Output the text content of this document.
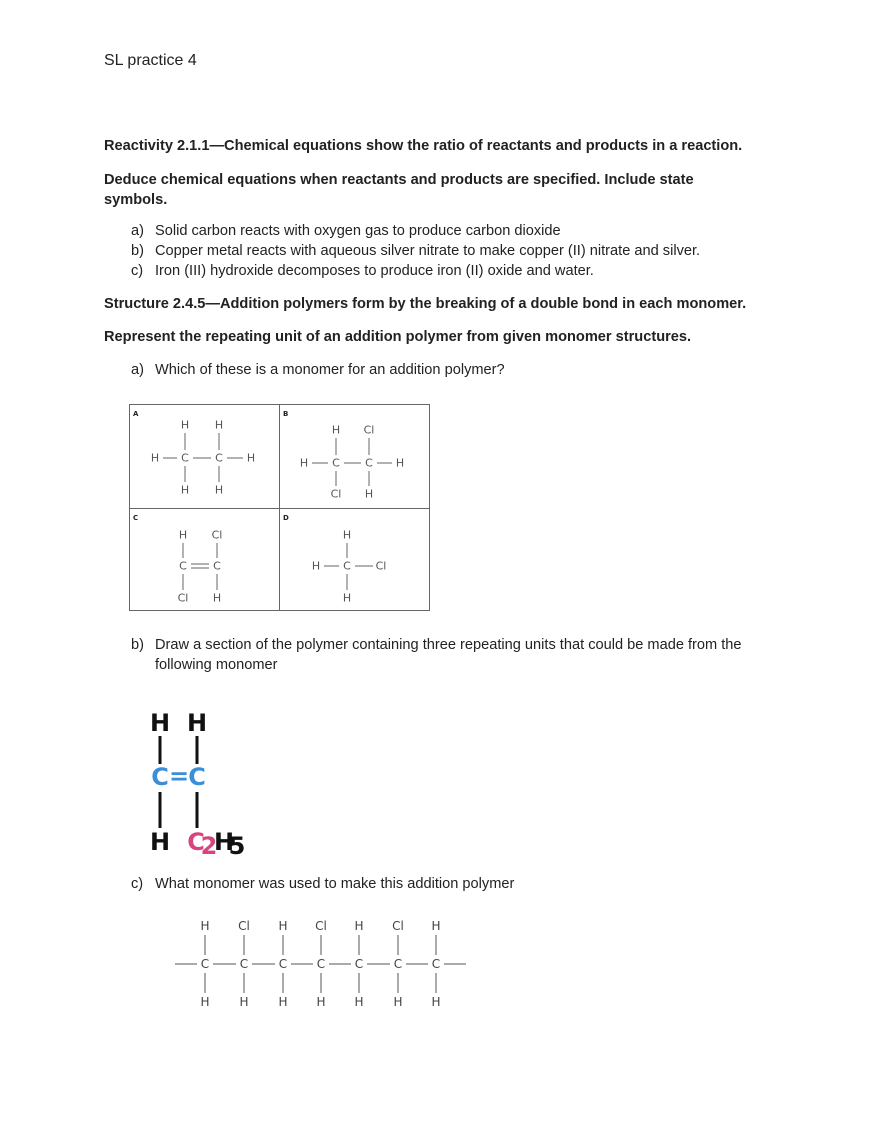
SL practice 4
Reactivity 2.1.1—Chemical equations show the ratio of reactants and products in a reaction.
Deduce chemical equations when reactants and products are specified. Include state
symbols.
a) Solid carbon reacts with oxygen gas to produce carbon dioxide
b) Copper metal reacts with aqueous silver nitrate to make copper (II) nitrate and silver.
c) Iron (III) hydroxide decomposes to produce iron (II) oxide and water.
Structure 2.4.5—Addition polymers form by the breaking of a double bond in each monomer.
Represent the repeating unit of an addition polymer from given monomer structures.
a) Which of these is a monomer for an addition polymer?
b) Draw a section of the polymer containing three repeating units that could be made from the
following monomer
c) What monomer was used to make this addition polymer
A
H H
H C C H
H H
B
H Cl
H C C H
Cl H
C
H Cl
C C
Cl H
D
H
H C Cl
H
H H
C = C
H C
2
H
5
H
C
H
Cl
C
H
H
C
H
Cl
C
H
H
C
H
Cl
C
H
H
C
H
